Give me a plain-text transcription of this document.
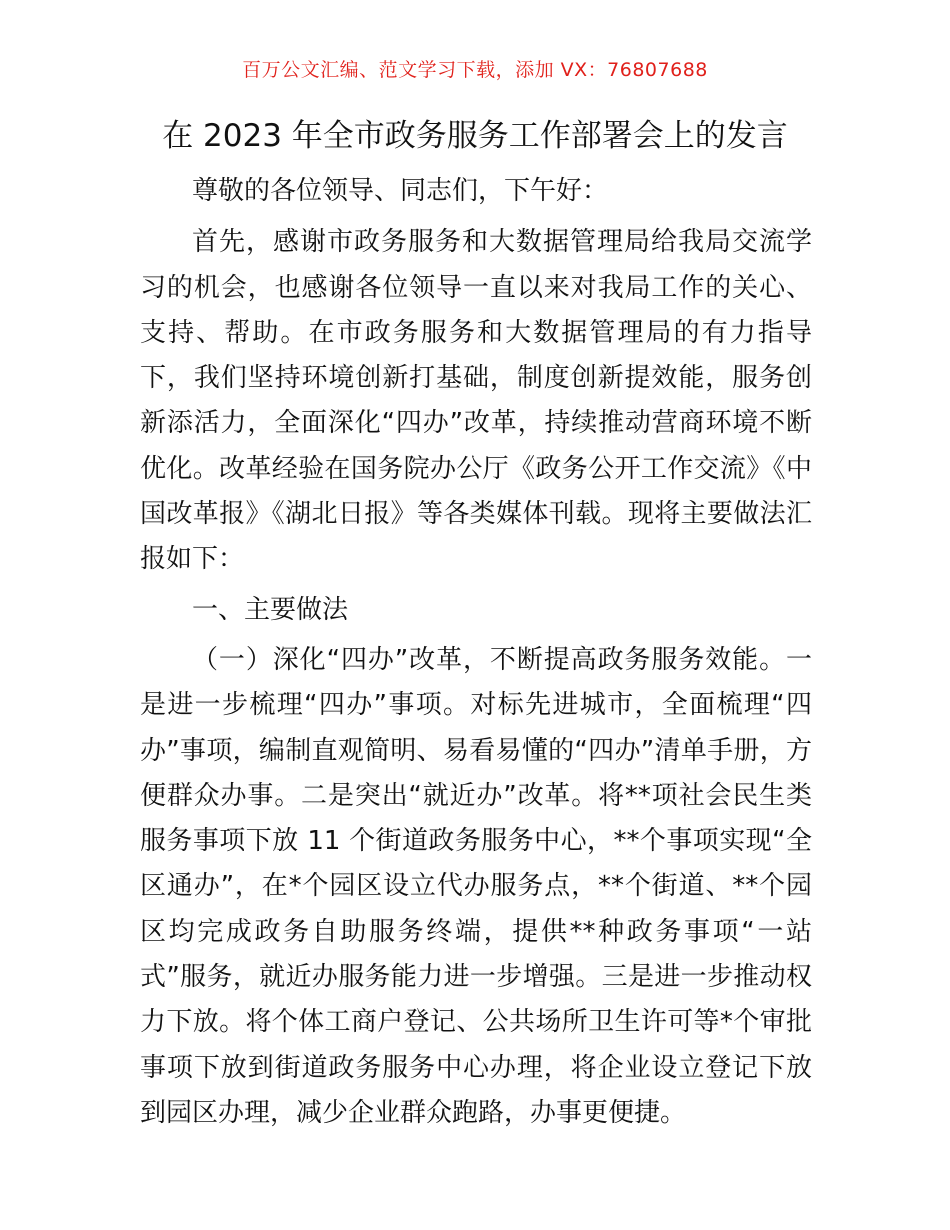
百万公文汇编、范文学习下载，添加 VX：76807688
在 2023 年全市政务服务工作部署会上的发言

尊敬的各位领导、同志们，下午好：

首先，感谢市政务服务和大数据管理局给我局交流学习的机会，也感谢各位领导一直以来对我局工作的关心、支持、帮助。在市政务服务和大数据管理局的有力指导下，我们坚持环境创新打基础，制度创新提效能，服务创新添活力，全面深化“四办”改革，持续推动营商环境不断优化。改革经验在国务院办公厅《政务公开工作交流》《中国改革报》《湖北日报》等各类媒体刊载。现将主要做法汇报如下：

一、主要做法

（一）深化“四办”改革，不断提高政务服务效能。一是进一步梳理“四办”事项。对标先进城市，全面梳理“四办”事项，编制直观简明、易看易懂的“四办”清单手册，方便群众办事。二是突出“就近办”改革。将**项社会民生类服务事项下放 11 个街道政务服务中心，**个事项实现“全区通办”，在*个园区设立代办服务点，**个街道、**个园区均完成政务自助服务终端，提供**种政务事项“一站式”服务，就近办服务能力进一步增强。三是进一步推动权力下放。将个体工商户登记、公共场所卫生许可等*个审批事项下放到街道政务服务中心办理，将企业设立登记下放到园区办理，减少企业群众跑路，办事更便捷。
